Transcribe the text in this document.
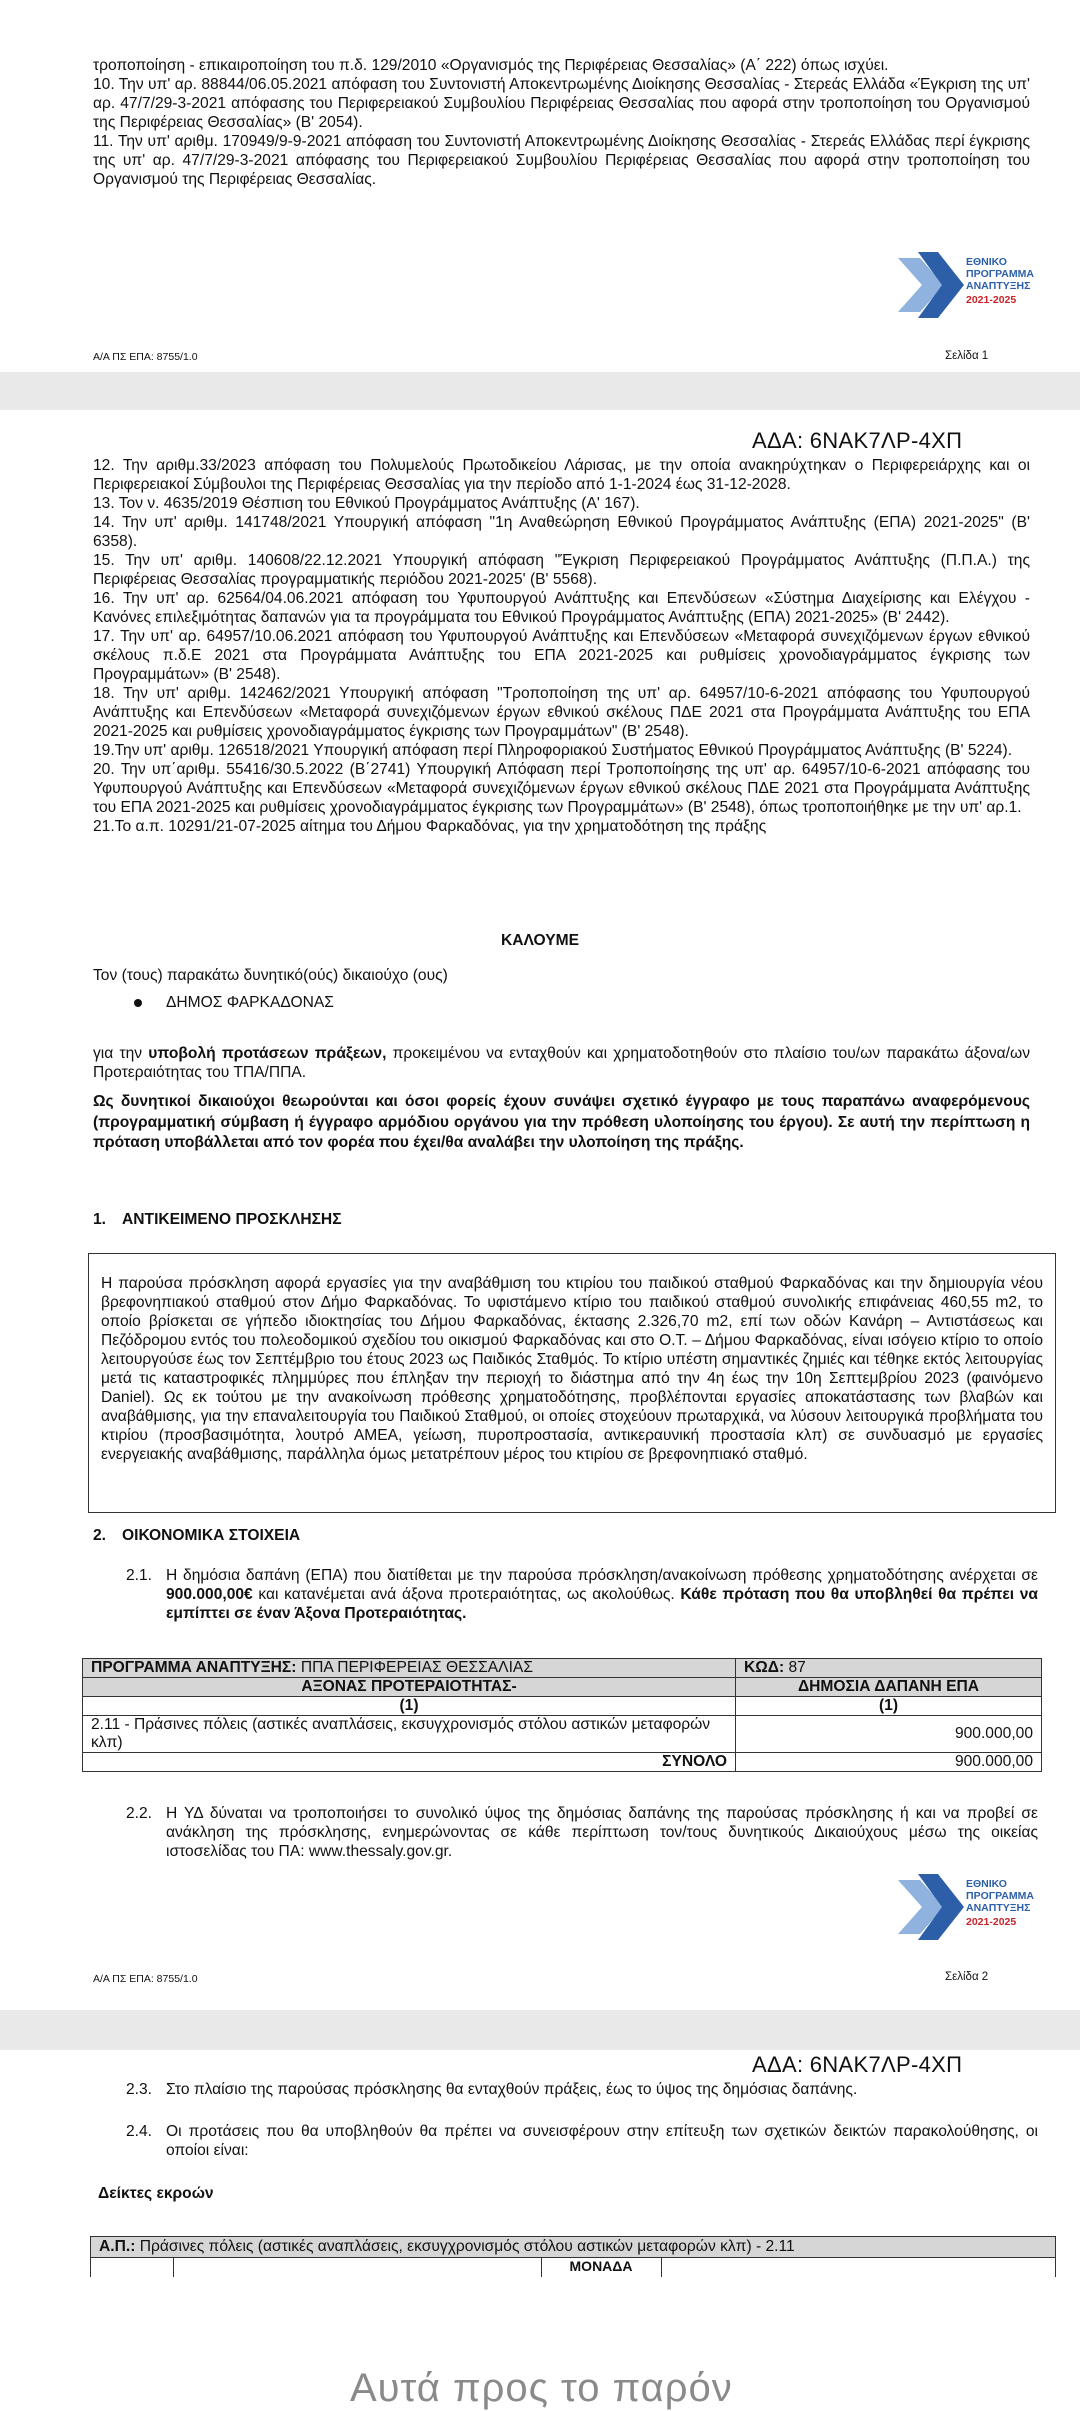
τροποποίηση - επικαιροποίηση του π.δ. 129/2010 «Οργανισμός της Περιφέρειας Θεσσαλίας» (Α΄ 222) όπως ισχύει.

10. Την υπ' αρ. 88844/06.05.2021 απόφαση του Συντονιστή Αποκεντρωμένης Διοίκησης Θεσσαλίας - Στερεάς Ελλάδα «Έγκριση της υπ' αρ. 47/7/29-3-2021 απόφασης του Περιφερειακού Συμβουλίου Περιφέρειας Θεσσαλίας που αφορά στην τροποποίηση του Οργανισμού της Περιφέρειας Θεσσαλίας» (Β' 2054).

11. Την υπ' αριθμ. 170949/9-9-2021 απόφαση του Συντονιστή Αποκεντρωμένης Διοίκησης Θεσσαλίας - Στερεάς Ελλάδας περί έγκρισης της υπ' αρ. 47/7/29-3-2021 απόφασης του Περιφερειακού Συμβουλίου Περιφέρειας Θεσσαλίας που αφορά στην τροποποίηση του Οργανισμού της Περιφέρειας Θεσσαλίας.

ΕΘΝΙΚΟ
ΠΡΟΓΡΑΜΜΑ
ΑΝΑΠΤΥΞΗΣ
2021-2025
Α/Α ΠΣ ΕΠΑ: 8755/1.0	Σελίδα 1
ΑΔΑ: 6ΝΑΚ7ΛΡ-4ΧΠ

12. Την αριθμ.33/2023 απόφαση του Πολυμελούς Πρωτοδικείου Λάρισας, με την οποία ανακηρύχτηκαν ο Περιφερειάρχης και οι Περιφερειακοί Σύμβουλοι της Περιφέρειας Θεσσαλίας για την περίοδο από 1-1-2024 έως 31-12-2028.

13. Τον ν. 4635/2019 Θέσπιση του Εθνικού Προγράμματος Ανάπτυξης (Α' 167).

14. Την υπ' αριθμ. 141748/2021 Υπουργική απόφαση "1η Αναθεώρηση Εθνικού Προγράμματος Ανάπτυξης (ΕΠΑ) 2021-2025" (Β' 6358).

15. Την υπ' αριθμ. 140608/22.12.2021 Υπουργική απόφαση "Έγκριση Περιφερειακού Προγράμματος Ανάπτυξης (Π.Π.Α.) της Περιφέρειας Θεσσαλίας προγραμματικής περιόδου 2021-2025' (Β' 5568).

16. Την υπ' αρ. 62564/04.06.2021 απόφαση του Υφυπουργού Ανάπτυξης και Επενδύσεων «Σύστημα Διαχείρισης και Ελέγχου - Κανόνες επιλεξιμότητας δαπανών για τα προγράμματα του Εθνικού Προγράμματος Ανάπτυξης (ΕΠΑ) 2021-2025» (Β' 2442).

17. Την υπ' αρ. 64957/10.06.2021 απόφαση του Υφυπουργού Ανάπτυξης και Επενδύσεων «Μεταφορά συνεχιζόμενων έργων εθνικού σκέλους π.δ.Ε 2021 στα Προγράμματα Ανάπτυξης του ΕΠΑ 2021-2025 και ρυθμίσεις χρονοδιαγράμματος έγκρισης των Προγραμμάτων» (Β' 2548).

18. Την υπ' αριθμ. 142462/2021 Υπουργική απόφαση "Τροποποίηση της υπ' αρ. 64957/10-6-2021 απόφασης του Υφυπουργού Ανάπτυξης και Επενδύσεων «Μεταφορά συνεχιζόμενων έργων εθνικού σκέλους ΠΔΕ 2021 στα Προγράμματα Ανάπτυξης του ΕΠΑ 2021-2025 και ρυθμίσεις χρονοδιαγράμματος έγκρισης των Προγραμμάτων" (Β' 2548).

19.Την υπ' αριθμ. 126518/2021 Υπουργική απόφαση περί Πληροφοριακού Συστήματος Εθνικού Προγράμματος Ανάπτυξης (Β' 5224).

20. Την υπ΄αριθμ. 55416/30.5.2022 (Β΄2741) Υπουργική Απόφαση περί Τροποποίησης της υπ' αρ. 64957/10-6-2021 απόφασης του Υφυπουργού Ανάπτυξης και Επενδύσεων «Μεταφορά συνεχιζόμενων έργων εθνικού σκέλους ΠΔΕ 2021 στα Προγράμματα Ανάπτυξης του ΕΠΑ 2021-2025 και ρυθμίσεις χρονοδιαγράμματος έγκρισης των Προγραμμάτων» (Β' 2548), όπως τροποποιήθηκε με την υπ' αρ.1.

21.Το α.π. 10291/21-07-2025 αίτημα του Δήμου Φαρκαδόνας, για την χρηματοδότηση της πράξης

ΚΑΛΟΥΜΕ
Τον (τους) παρακάτω δυνητικό(ούς) δικαιούχο (ους)
ΔΗΜΟΣ ΦΑΡΚΑΔΟΝΑΣ
για την υποβολή προτάσεων πράξεων, προκειμένου να ενταχθούν και χρηματοδοτηθούν στο πλαίσιο του/ων παρακάτω άξονα/ων Προτεραιότητας του ΤΠΑ/ΠΠΑ.
Ως δυνητικοί δικαιούχοι θεωρούνται και όσοι φορείς έχουν συνάψει σχετικό έγγραφο με τους παραπάνω αναφερόμενους (προγραμματική σύμβαση ή έγγραφο αρμόδιου οργάνου για την πρόθεση υλοποίησης του έργου). Σε αυτή την περίπτωση η πρόταση υποβάλλεται από τον φορέα που έχει/θα αναλάβει την υλοποίηση της πράξης.
1. ΑΝΤΙΚΕΙΜΕΝΟ ΠΡΟΣΚΛΗΣΗΣ
Η παρούσα πρόσκληση αφορά εργασίες για την αναβάθμιση του κτιρίου του παιδικού σταθμού Φαρκαδόνας και την δημιουργία νέου βρεφονηπιακού σταθμού στον Δήμο Φαρκαδόνας. Το υφιστάμενο κτίριο του παιδικού σταθμού συνολικής επιφάνειας 460,55 m2, το οποίο βρίσκεται σε γήπεδο ιδιοκτησίας του Δήμου Φαρκαδόνας, έκτασης 2.326,70 m2, επί των οδών Κανάρη – Αντιστάσεως και Πεζόδρομου εντός του πολεοδομικού σχεδίου του οικισμού Φαρκαδόνας και στο Ο.Τ. – Δήμου Φαρκαδόνας, είναι ισόγειο κτίριο το οποίο λειτουργούσε έως τον Σεπτέμβριο του έτους 2023 ως Παιδικός Σταθμός. Το κτίριο υπέστη σημαντικές ζημιές και τέθηκε εκτός λειτουργίας μετά τις καταστροφικές πλημμύρες που έπληξαν την περιοχή το διάστημα από την 4η έως την 10η Σεπτεμβρίου 2023 (φαινόμενο Daniel). Ως εκ τούτου με την ανακοίνωση πρόθεσης χρηματοδότησης, προβλέπονται εργασίες αποκατάστασης των βλαβών και αναβάθμισης, για την επαναλειτουργία του Παιδικού Σταθμού, οι οποίες στοχεύουν πρωταρχικά, να λύσουν λειτουργικά προβλήματα του κτιρίου (προσβασιμότητα, λουτρό ΑΜΕΑ, γείωση, πυροπροστασία, αντικεραυνική προστασία κλπ) σε συνδυασμό με εργασίες ενεργειακής αναβάθμισης, παράλληλα όμως μετατρέπουν μέρος του κτιρίου σε βρεφονηπιακό σταθμό.
2. ΟΙΚΟΝΟΜΙΚΑ ΣΤΟΙΧΕΙΑ
2.1. Η δημόσια δαπάνη (ΕΠΑ) που διατίθεται με την παρούσα πρόσκληση/ανακοίνωση πρόθεσης χρηματοδότησης ανέρχεται σε 900.000,00€ και κατανέμεται ανά άξονα προτεραιότητας, ως ακολούθως. Κάθε πρόταση που θα υποβληθεί θα πρέπει να εμπίπτει σε έναν Άξονα Προτεραιότητας.
ΠΡΟΓΡΑΜΜΑ ΑΝΑΠΤΥΞΗΣ: ΠΠΑ ΠΕΡΙΦΕΡΕΙΑΣ ΘΕΣΣΑΛΙΑΣ	ΚΩΔ: 87
ΑΞΟΝΑΣ ΠΡΟΤΕΡΑΙΟΤΗΤΑΣ-	ΔΗΜΟΣΙΑ ΔΑΠΑΝΗ ΕΠΑ
(1)	(1)
2.11 - Πράσινες πόλεις (αστικές αναπλάσεις, εκσυγχρονισμός στόλου αστικών μεταφορών κλπ)	900.000,00
ΣΥΝΟΛΟ	900.000,00
2.2. Η ΥΔ δύναται να τροποποιήσει το συνολικό ύψος της δημόσιας δαπάνης της παρούσας πρόσκλησης ή και να προβεί σε ανάκληση της πρόσκλησης, ενημερώνοντας σε κάθε περίπτωση τον/τους δυνητικούς Δικαιούχους μέσω της οικείας ιστοσελίδας του ΠΑ: www.thessaly.gov.gr.
ΕΘΝΙΚΟ
ΠΡΟΓΡΑΜΜΑ
ΑΝΑΠΤΥΞΗΣ
2021-2025
Α/Α ΠΣ ΕΠΑ: 8755/1.0	Σελίδα 2
ΑΔΑ: 6ΝΑΚ7ΛΡ-4ΧΠ
2.3. Στο πλαίσιο της παρούσας πρόσκλησης θα ενταχθούν πράξεις, έως το ύψος της δημόσιας δαπάνης.
2.4. Οι προτάσεις που θα υποβληθούν θα πρέπει να συνεισφέρουν στην επίτευξη των σχετικών δεικτών παρακολούθησης, οι οποίοι είναι:
Δείκτες εκροών
Α.Π.: Πράσινες πόλεις (αστικές αναπλάσεις, εκσυγχρονισμός στόλου αστικών μεταφορών κλπ) - 2.11
ΜΟΝΑΔΑ
Αυτά προς το παρόν
